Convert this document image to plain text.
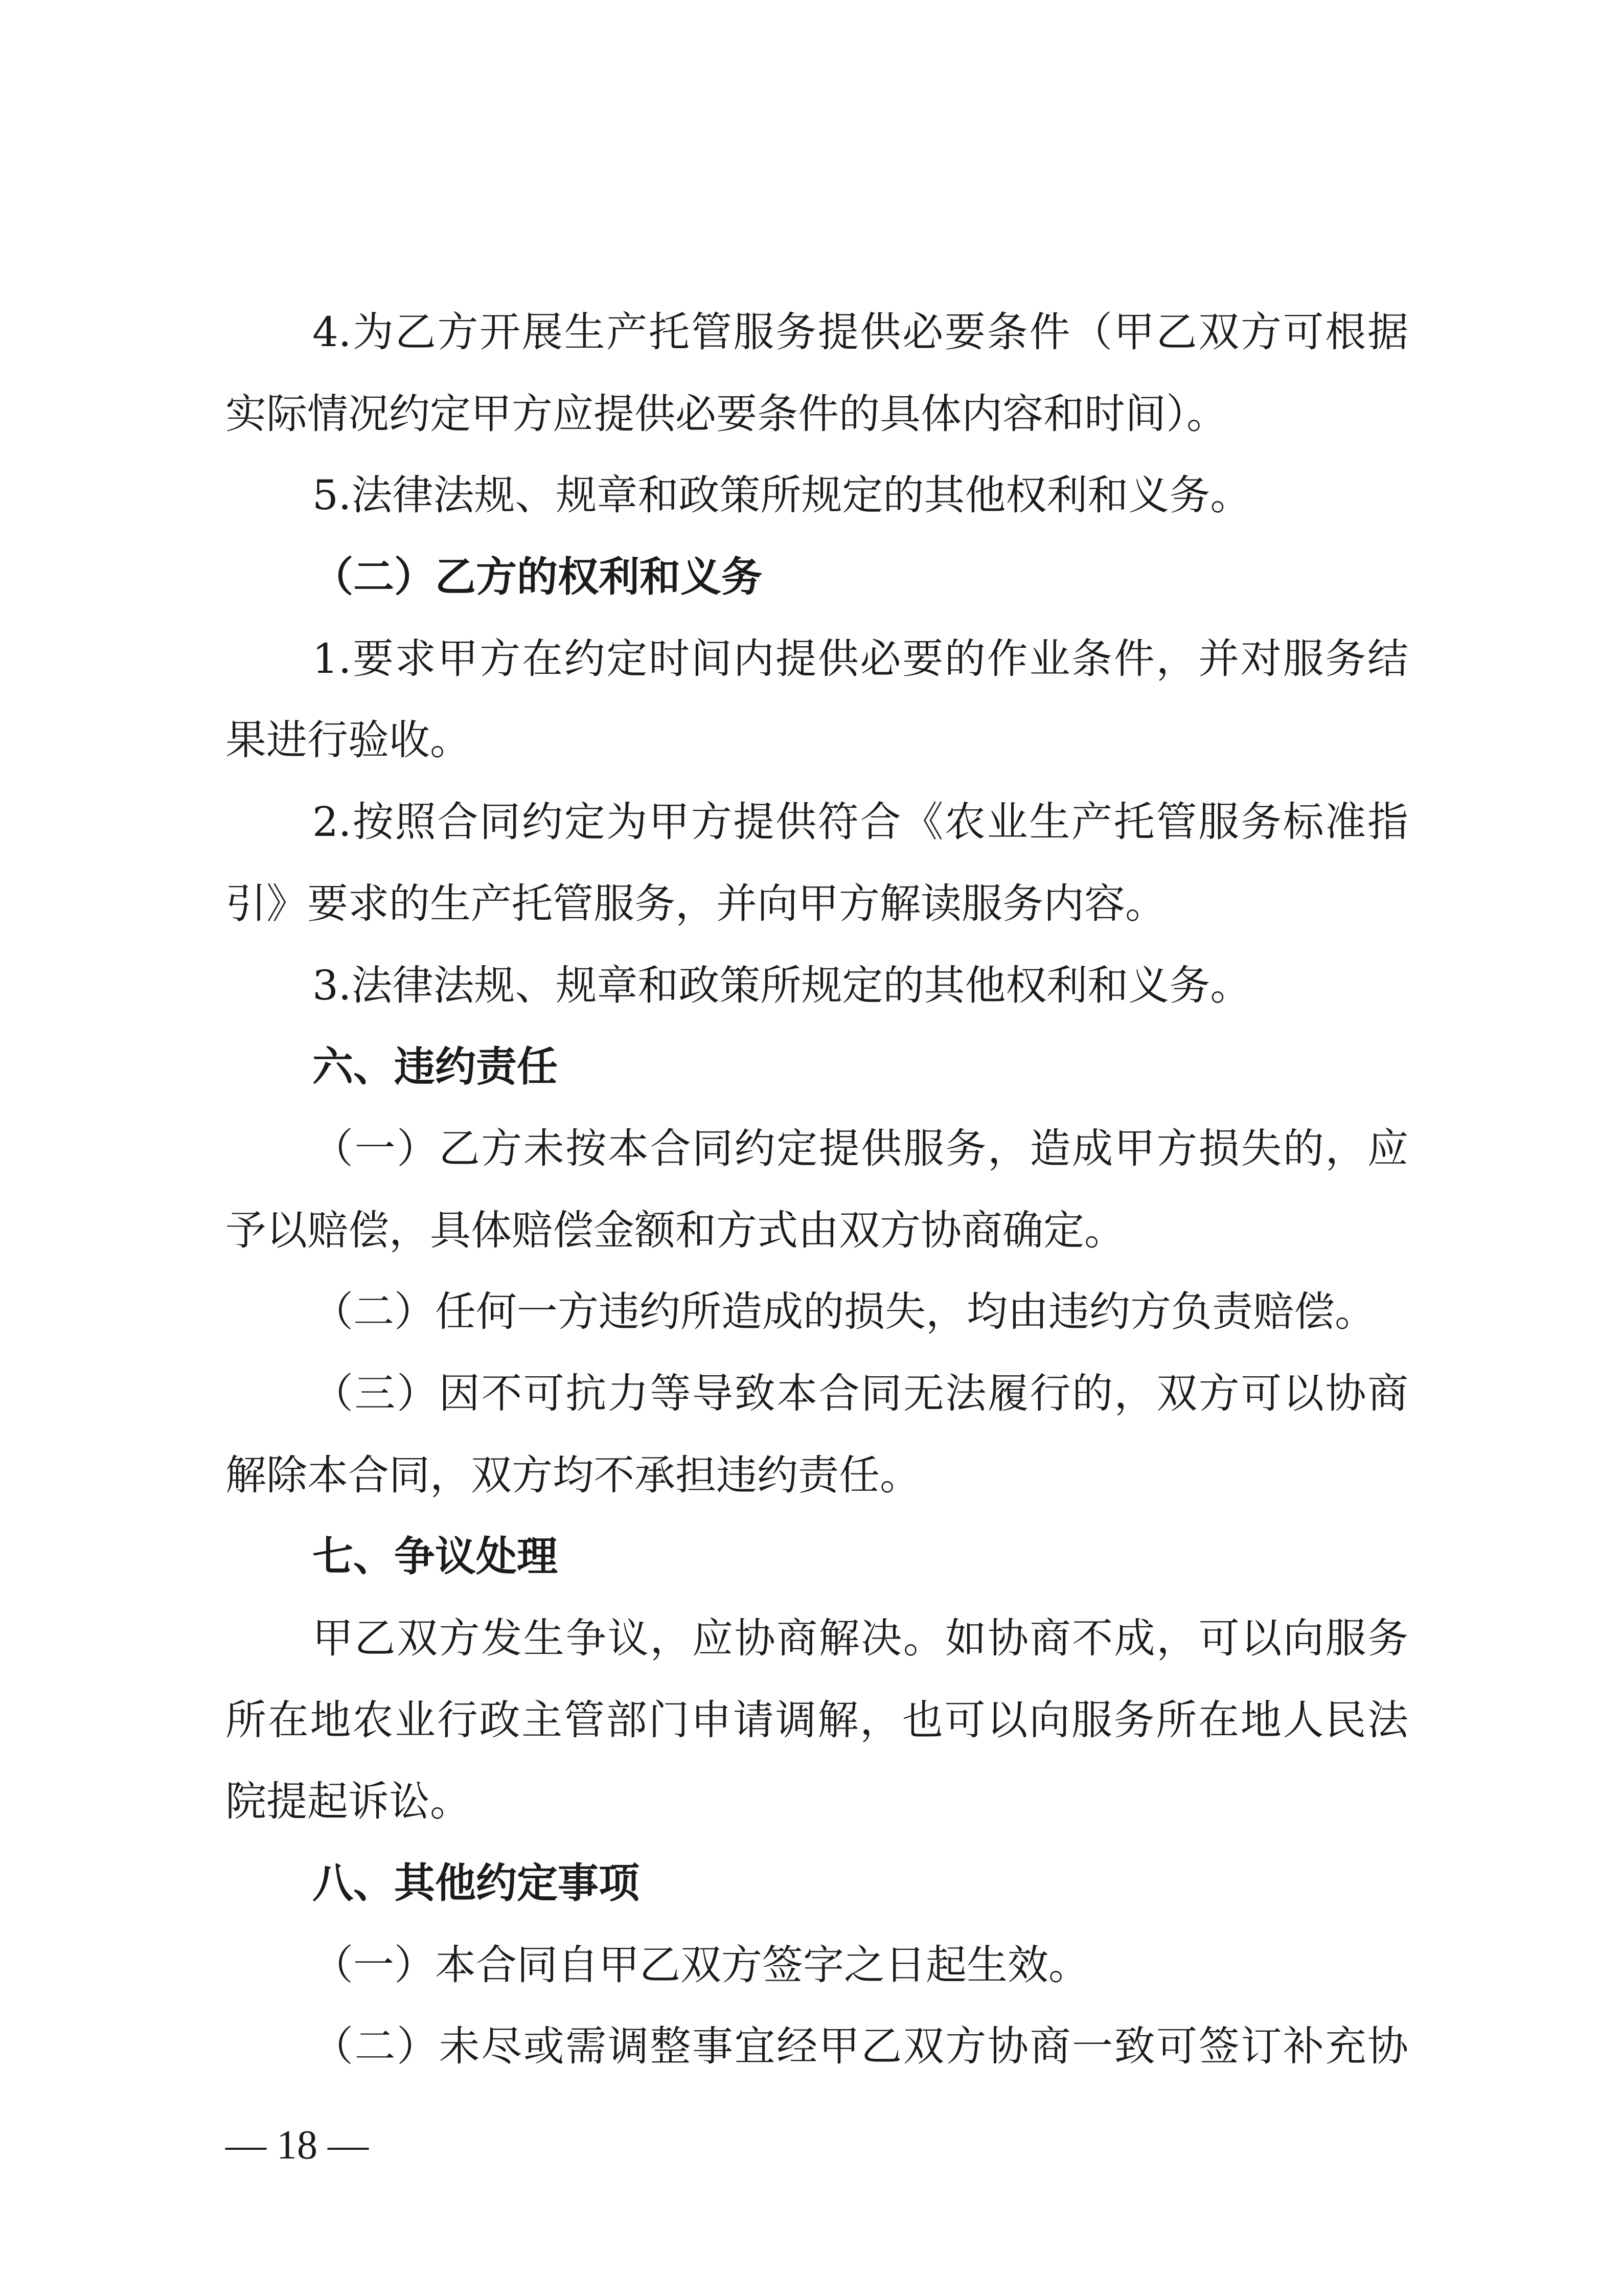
4.为乙方开展生产托管服务提供必要条件（甲乙双方可根据
实际情况约定甲方应提供必要条件的具体内容和时间）。
5.法律法规、规章和政策所规定的其他权利和义务。
（二）乙方的权利和义务
1.要求甲方在约定时间内提供必要的作业条件，并对服务结
果进行验收。
2.按照合同约定为甲方提供符合《农业生产托管服务标准指
引》要求的生产托管服务，并向甲方解读服务内容。
3.法律法规、规章和政策所规定的其他权利和义务。
六、违约责任
（一）乙方未按本合同约定提供服务，造成甲方损失的，应
予以赔偿，具体赔偿金额和方式由双方协商确定。
（二）任何一方违约所造成的损失，均由违约方负责赔偿。
（三）因不可抗力等导致本合同无法履行的，双方可以协商
解除本合同，双方均不承担违约责任。
七、争议处理
甲乙双方发生争议，应协商解决。如协商不成，可以向服务
所在地农业行政主管部门申请调解，也可以向服务所在地人民法
院提起诉讼。
八、其他约定事项
（一）本合同自甲乙双方签字之日起生效。
（二）未尽或需调整事宜经甲乙双方协商一致可签订补充协
— 18 —
